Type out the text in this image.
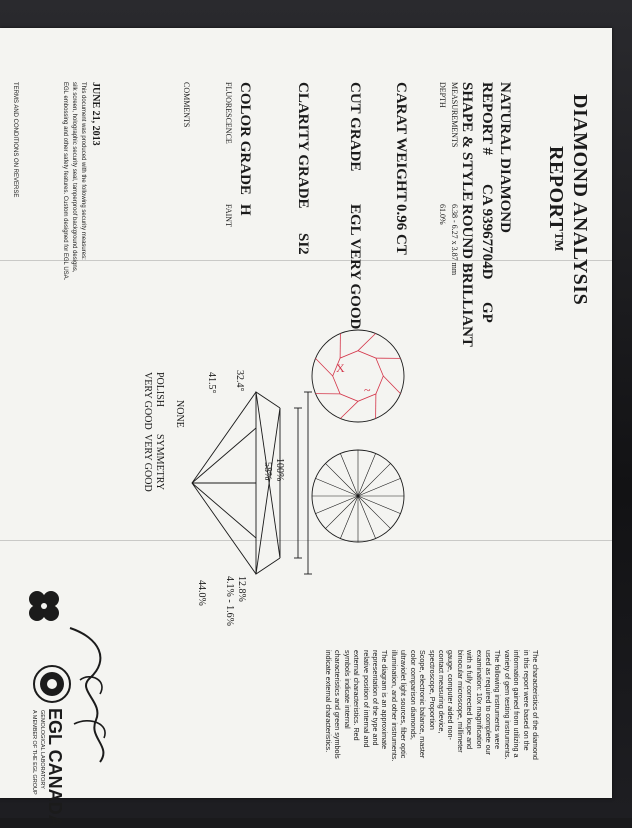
DIAMOND ANALYSIS
REPORT™
NATURAL DIAMOND
REPORT #
CA 93967704D
GP
SHAPE & STYLE
ROUND BRILLIANT
MEASUREMENTS
6.38 - 6.27 x 3.87 mm
DEPTH
61.0%
CARAT WEIGHT
0.96 CT
CUT GRADE
EGL VERY GOOD
CLARITY GRADE
SI2
COLOR GRADE
H
FLUORESCENCE
FAINT
COMMENTS
JUNE 21, 2013
This document was produced with the following security measures:
silk screen, holographic security seal, tamperproof background designs,
EGL embossing and other safety features. Custom designed for EGL USA.
TERMS AND CONDITIONS ON REVERSE
X
~
58% 100%
32.4°
41.5°
12.8%
4.1% - 1.6%
44.0%
NONE
POLISH
VERY GOOD
SYMMETRY
VERY GOOD
The characteristics of the diamond
in this report were based on the
information gained from utilizing a
variety of gem testing instruments.
The following instruments were
used as required to complete our
examination: 10x magnification
with a fully corrected loupe and
binocular microscope, millimeter
gauge, computer aided non-
contact measuring device,
spectroscope, Proportion
Scope, electronic balance, master
color comparison diamonds,
ultraviolet light sources, fiber optic
illumination, and other instruments.
The diagram is an approximate
representation of the type and
relative position of internal and
external characteristics. Red
symbols indicate internal
characteristics and green symbols
indicate external characteristics.
EGL CANADA
GEMOLOGICAL LABORATORY
A MEMBER OF THE EGL GROUP
